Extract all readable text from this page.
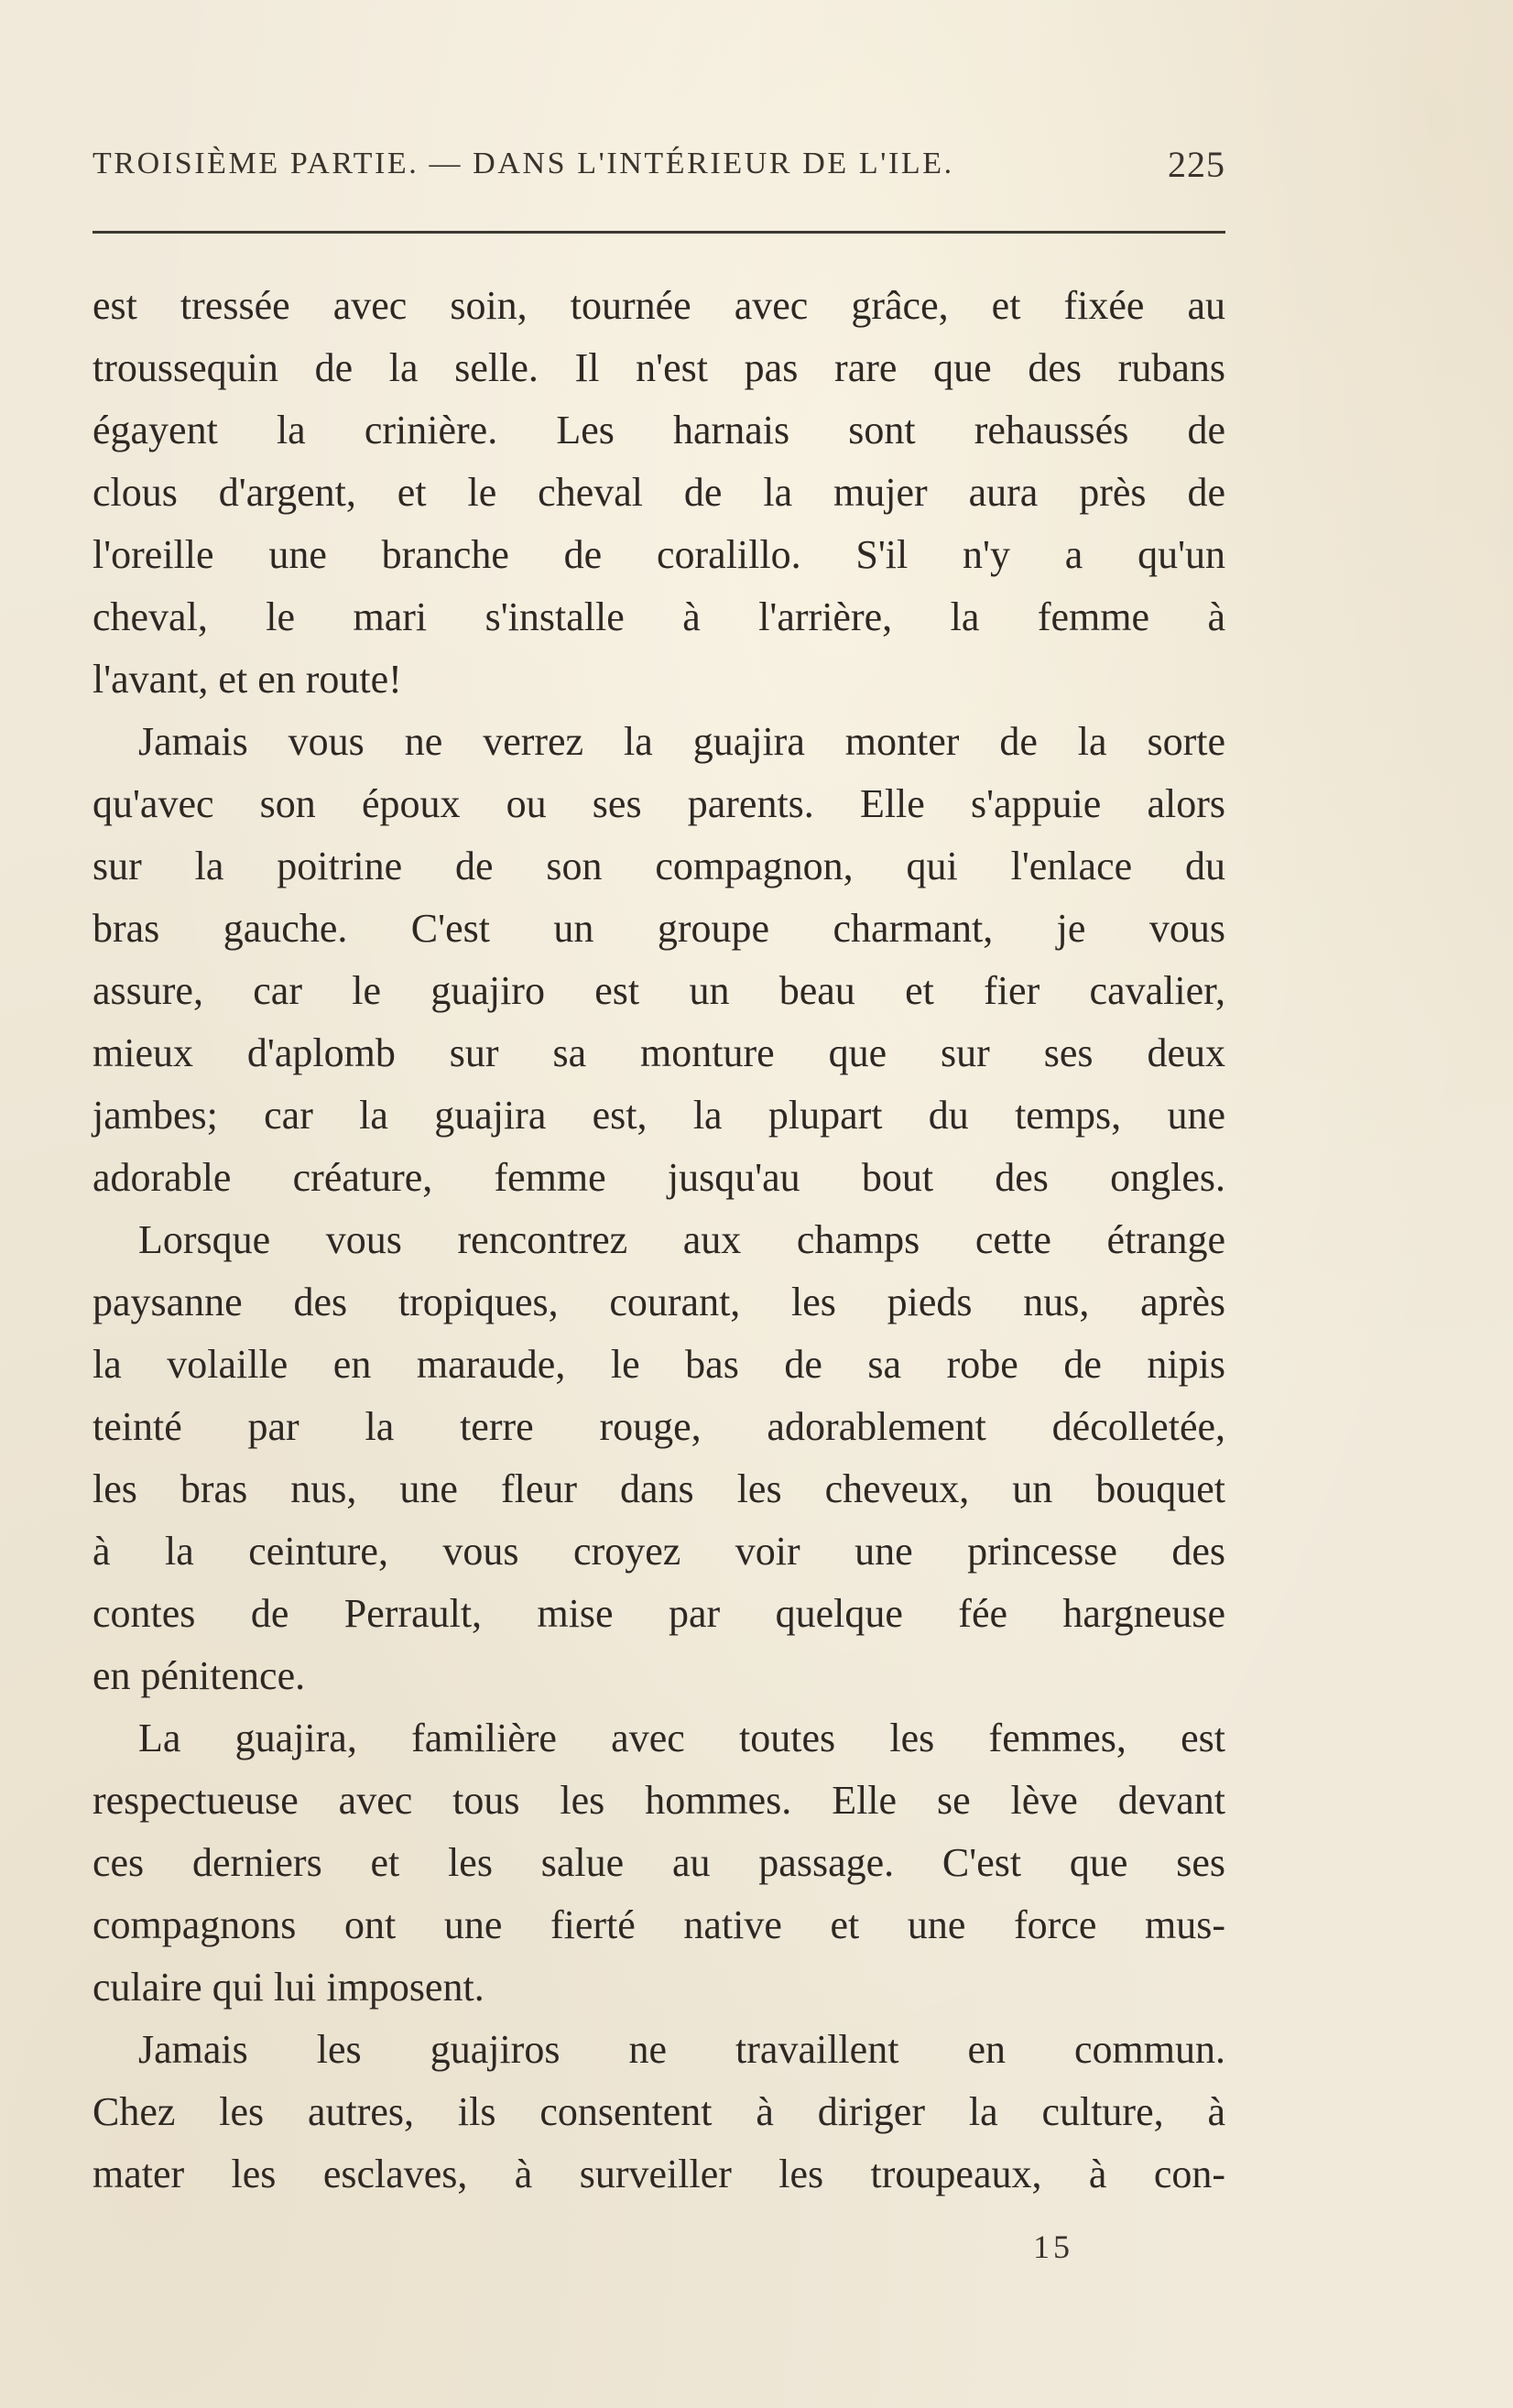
TROISIÈME PARTIE. — DANS L'INTÉRIEUR DE L'ILE.	225
est tressée avec soin, tournée avec grâce, et fixée au
troussequin de la selle. Il n'est pas rare que des rubans
égayent la crinière. Les harnais sont rehaussés de
clous d'argent, et le cheval de la mujer aura près de
l'oreille une branche de coralillo. S'il n'y a qu'un
cheval, le mari s'installe à l'arrière, la femme à
l'avant, et en route!
Jamais vous ne verrez la guajira monter de la sorte
qu'avec son époux ou ses parents. Elle s'appuie alors
sur la poitrine de son compagnon, qui l'enlace du
bras gauche. C'est un groupe charmant, je vous
assure, car le guajiro est un beau et fier cavalier,
mieux d'aplomb sur sa monture que sur ses deux
jambes; car la guajira est, la plupart du temps, une
adorable créature, femme jusqu'au bout des ongles.
Lorsque vous rencontrez aux champs cette étrange
paysanne des tropiques, courant, les pieds nus, après
la volaille en maraude, le bas de sa robe de nipis
teinté par la terre rouge, adorablement décolletée,
les bras nus, une fleur dans les cheveux, un bouquet
à la ceinture, vous croyez voir une princesse des
contes de Perrault, mise par quelque fée hargneuse
en pénitence.
La guajira, familière avec toutes les femmes, est
respectueuse avec tous les hommes. Elle se lève devant
ces derniers et les salue au passage. C'est que ses
compagnons ont une fierté native et une force mus-
culaire qui lui imposent.
Jamais les guajiros ne travaillent en commun.
Chez les autres, ils consentent à diriger la culture, à
mater les esclaves, à surveiller les troupeaux, à con-
15
